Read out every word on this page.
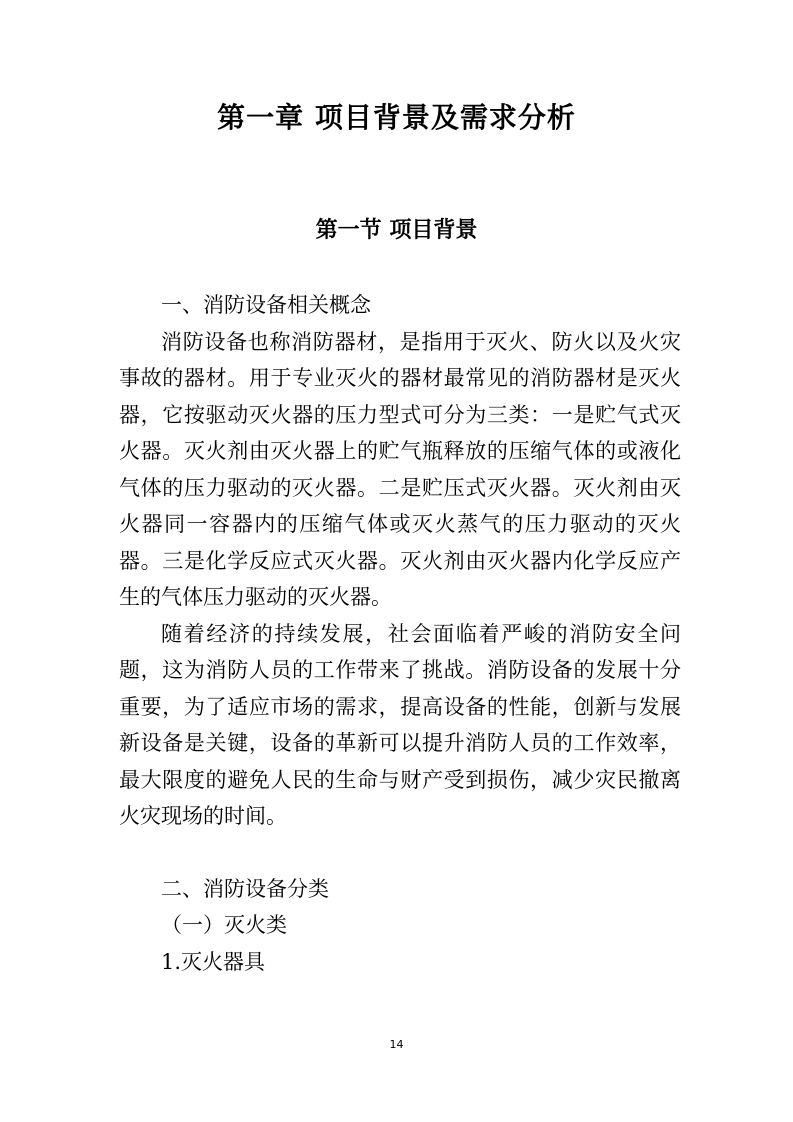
第一章 项目背景及需求分析
第一节 项目背景

一、消防设备相关概念

消防设备也称消防器材，是指用于灭火、防火以及火灾事故的器材。用于专业灭火的器材最常见的消防器材是灭火器，它按驱动灭火器的压力型式可分为三类：一是贮气式灭火器。灭火剂由灭火器上的贮气瓶释放的压缩气体的或液化气体的压力驱动的灭火器。二是贮压式灭火器。灭火剂由灭火器同一容器内的压缩气体或灭火蒸气的压力驱动的灭火器。三是化学反应式灭火器。灭火剂由灭火器内化学反应产生的气体压力驱动的灭火器。

随着经济的持续发展，社会面临着严峻的消防安全问题，这为消防人员的工作带来了挑战。消防设备的发展十分重要，为了适应市场的需求，提高设备的性能，创新与发展新设备是关键，设备的革新可以提升消防人员的工作效率，最大限度的避免人民的生命与财产受到损伤，减少灾民撤离火灾现场的时间。

二、消防设备分类

（一）灭火类

1.灭火器具

14
